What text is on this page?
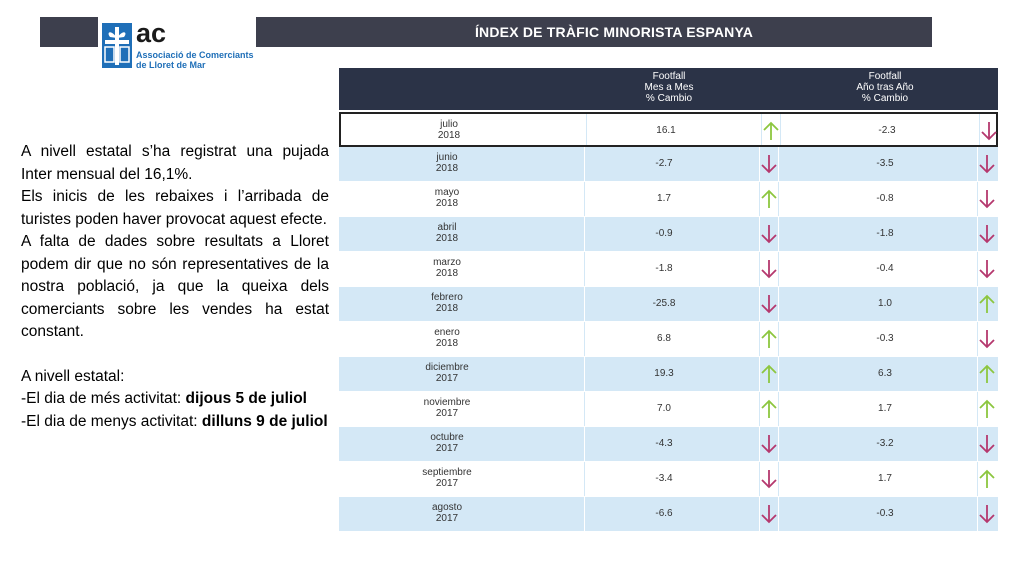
ÍNDEX DE TRÀFIC MINORISTA ESPANYA
ac
Associació de Comerciants
de Lloret de Mar

A nivell estatal s’ha registrat una pujada Inter mensual del 16,1%.

Els inicis de les rebaixes i l’arribada de turistes poden haver provocat aquest efecte.

A falta de dades sobre resultats a Lloret podem dir que no són representatives de la nostra població, ja que la queixa dels comerciants sobre les vendes ha estat constant.

A nivell estatal:

-El dia de més activitat: dijous 5 de juliol

-El dia de menys activitat: dilluns 9 de juliol

Footfall
Mes a Mes
% Cambio
Footfall
Año tras Año
% Cambio
julio
2018	16.1	-2.3
junio
2018	-2.7	-3.5
mayo
2018	1.7	-0.8
abril
2018	-0.9	-1.8
marzo
2018	-1.8	-0.4
febrero
2018	-25.8	1.0
enero
2018	6.8	-0.3
diciembre
2017	19.3	6.3
noviembre
2017	7.0	1.7
octubre
2017	-4.3	-3.2
septiembre
2017	-3.4	1.7
agosto
2017	-6.6	-0.3
